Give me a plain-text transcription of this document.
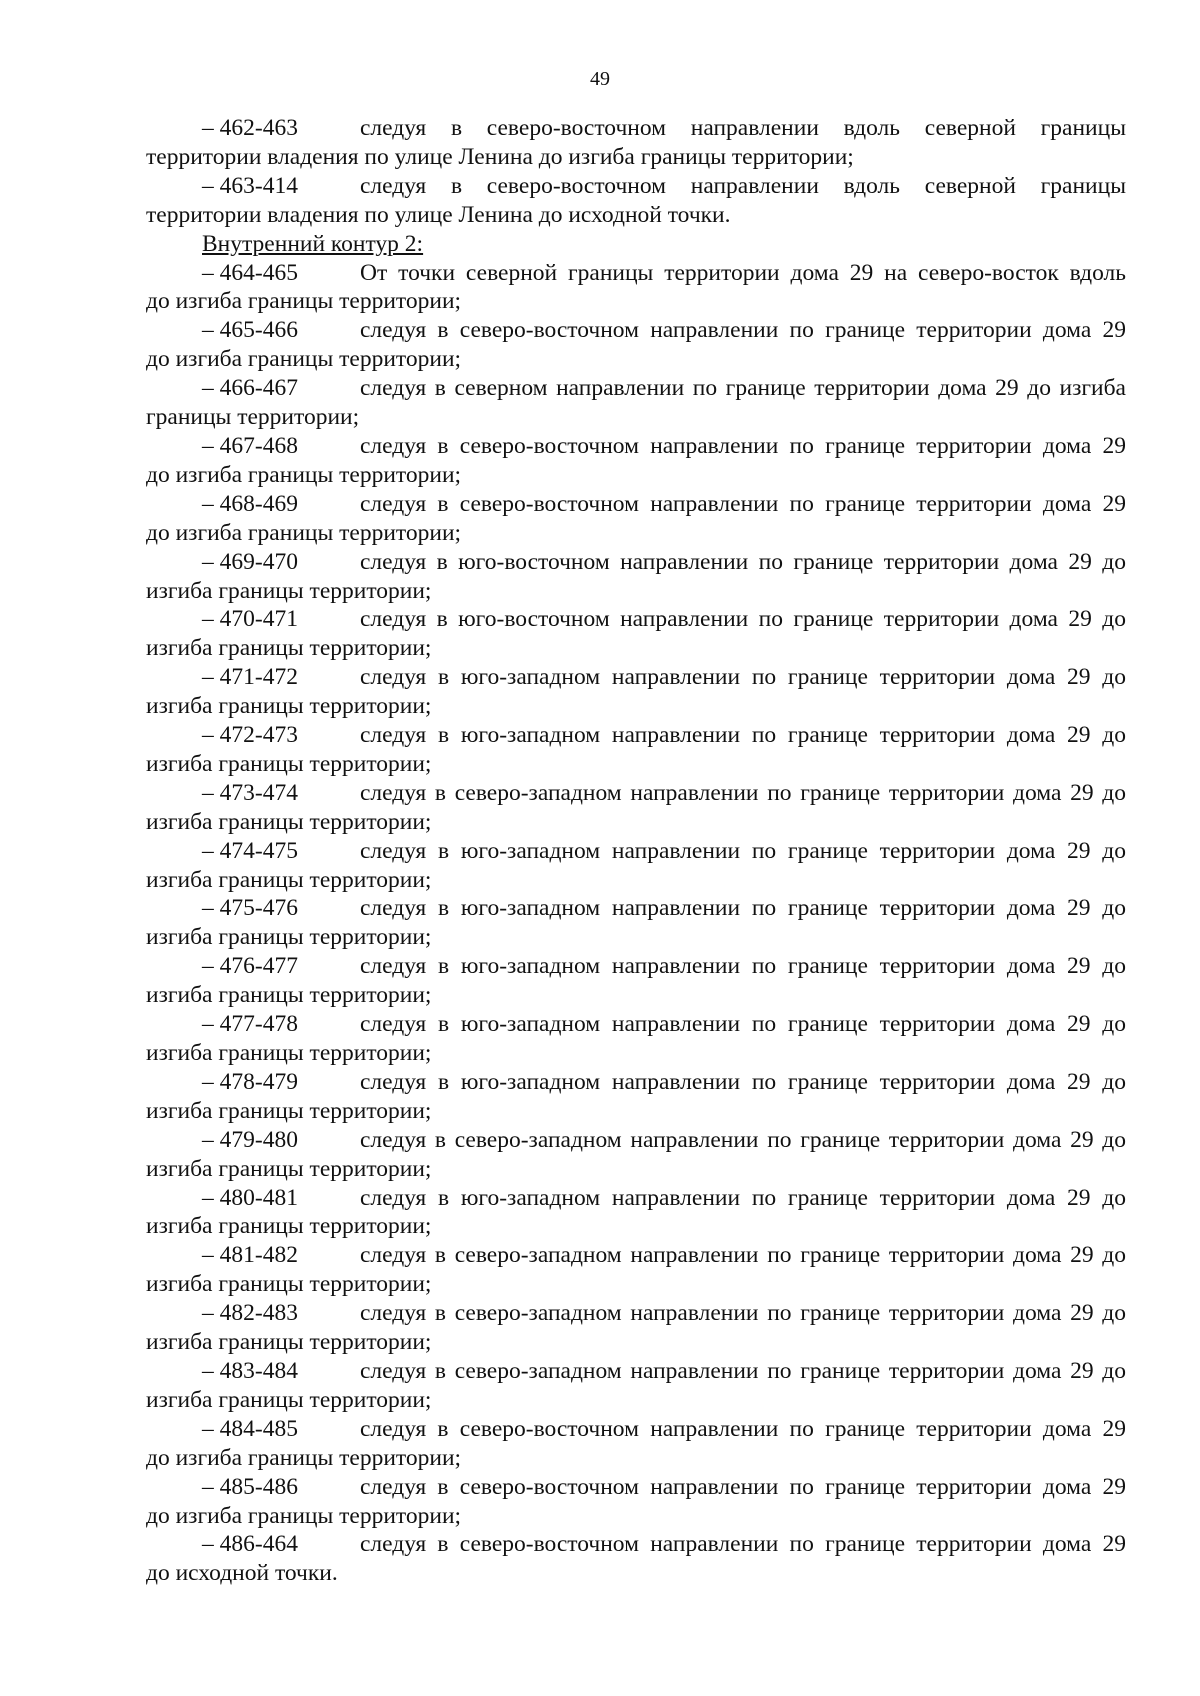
49
– 462-463	следуя в северо-восточном направлении вдоль северной границы
территории владения по улице Ленина до изгиба границы территории;
– 463-414	следуя в северо-восточном направлении вдоль северной границы
территории владения по улице Ленина до исходной точки.
Внутренний контур 2:
– 464-465	От точки северной границы территории дома 29 на северо-восток вдоль
до изгиба границы территории;
– 465-466	следуя в северо-восточном направлении по границе территории дома 29
до изгиба границы территории;
– 466-467	следуя в северном направлении по границе территории дома 29 до изгиба
границы территории;
– 467-468	следуя в северо-восточном направлении по границе территории дома 29
до изгиба границы территории;
– 468-469	следуя в северо-восточном направлении по границе территории дома 29
до изгиба границы территории;
– 469-470	следуя в юго-восточном направлении по границе территории дома 29 до
изгиба границы территории;
– 470-471	следуя в юго-восточном направлении по границе территории дома 29 до
изгиба границы территории;
– 471-472	следуя в юго-западном направлении по границе территории дома 29 до
изгиба границы территории;
– 472-473	следуя в юго-западном направлении по границе территории дома 29 до
изгиба границы территории;
– 473-474	следуя в северо-западном направлении по границе территории дома 29 до
изгиба границы территории;
– 474-475	следуя в юго-западном направлении по границе территории дома 29 до
изгиба границы территории;
– 475-476	следуя в юго-западном направлении по границе территории дома 29 до
изгиба границы территории;
– 476-477	следуя в юго-западном направлении по границе территории дома 29 до
изгиба границы территории;
– 477-478	следуя в юго-западном направлении по границе территории дома 29 до
изгиба границы территории;
– 478-479	следуя в юго-западном направлении по границе территории дома 29 до
изгиба границы территории;
– 479-480	следуя в северо-западном направлении по границе территории дома 29 до
изгиба границы территории;
– 480-481	следуя в юго-западном направлении по границе территории дома 29 до
изгиба границы территории;
– 481-482	следуя в северо-западном направлении по границе территории дома 29 до
изгиба границы территории;
– 482-483	следуя в северо-западном направлении по границе территории дома 29 до
изгиба границы территории;
– 483-484	следуя в северо-западном направлении по границе территории дома 29 до
изгиба границы территории;
– 484-485	следуя в северо-восточном направлении по границе территории дома 29
до изгиба границы территории;
– 485-486	следуя в северо-восточном направлении по границе территории дома 29
до изгиба границы территории;
– 486-464	следуя в северо-восточном направлении по границе территории дома 29
до исходной точки.
